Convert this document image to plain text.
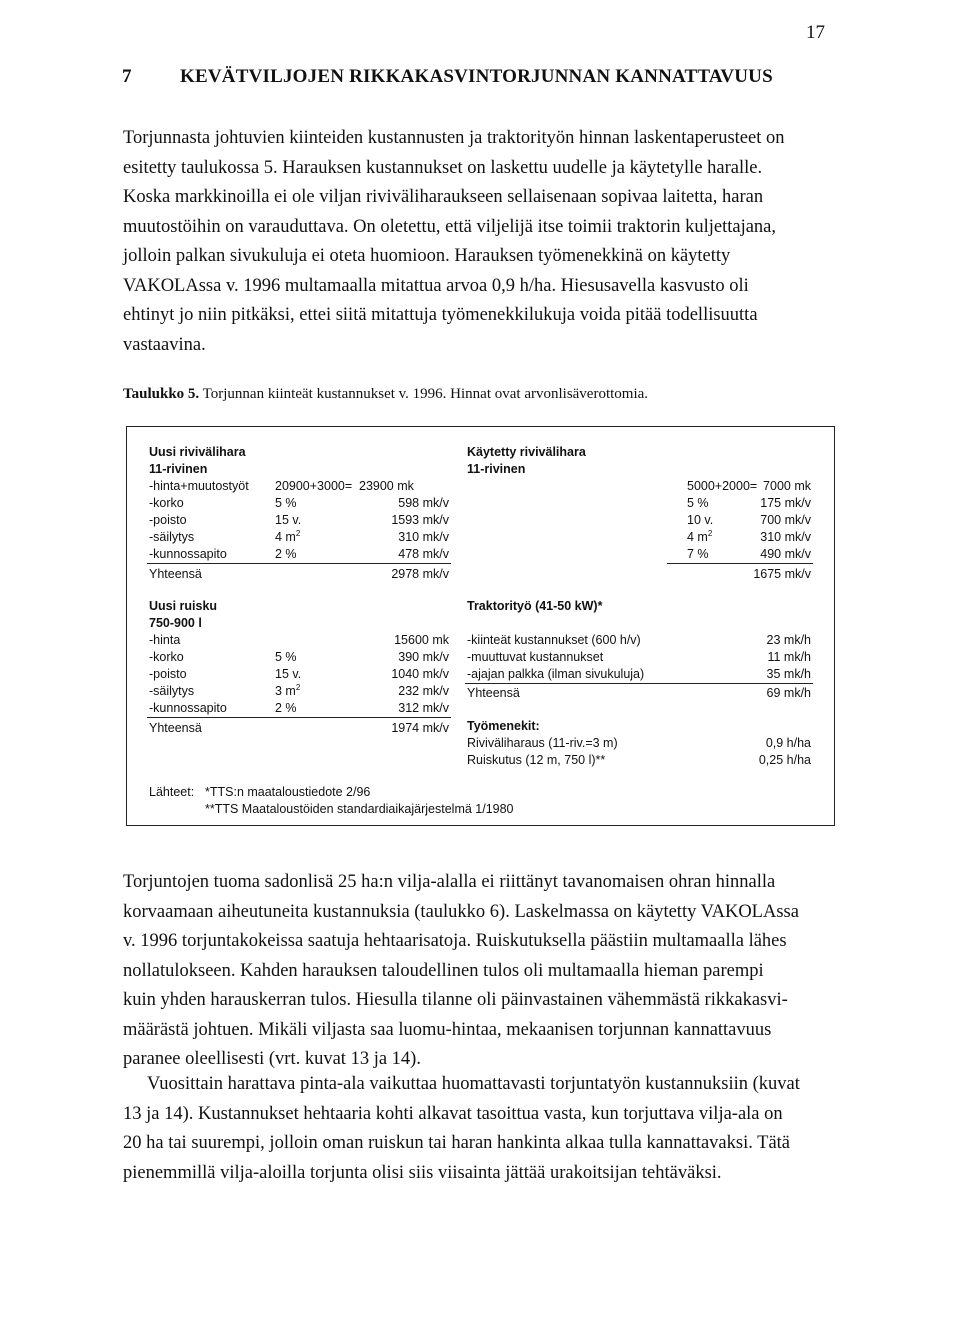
17
7	KEVÄTVILJOJEN RIKKAKASVINTORJUNNAN KANNATTAVUUS
Torjunnasta johtuvien kiinteiden kustannusten ja traktorityön hinnan laskentaperusteet on
esitetty taulukossa 5. Harauksen kustannukset on laskettu uudelle ja käytetylle haralle.
Koska markkinoilla ei ole viljan riviväliharaukseen sellaisenaan sopivaa laitetta, haran
muutostöihin on varauduttava. On oletettu, että viljelijä itse toimii traktorin kuljettajana,
jolloin palkan sivukuluja ei oteta huomioon. Harauksen työmenekkinä on käytetty
VAKOLAssa v. 1996 multamaalla mitattua arvoa 0,9 h/ha. Hiesusavella kasvusto oli
ehtinyt jo niin pitkäksi, ettei siitä mitattuja työmenekkilukuja voida pitää todellisuutta
vastaavina.
Taulukko 5. Torjunnan kiinteät kustannukset v. 1996. Hinnat ovat arvonlisäverottomia.
Uusi rivivälihara
11-rivinen
-hinta+muutostyöt 20900+3000= 23900 mk
-korko	5 %	598 mk/v
-poisto	15 v.	1593 mk/v
-säilytys	4 $m^2$	310 mk/v
-kunnossapito	2 %	478 mk/v
Yhteensä	2978 mk/v
Käytetty rivivälihara
11-rivinen
5000+2000= 7000 mk
5 %	175 mk/v
10 v.	700 mk/v
4 $m^2$	310 mk/v
7 %	490 mk/v
1675 mk/v
Uusi ruisku
750-900 l
-hinta	15600 mk
-korko	5 %	390 mk/v
-poisto	15 v.	1040 mk/v
-säilytys	3 $m^2$	232 mk/v
-kunnossapito	2 %	312 mk/v
Yhteensä	1974 mk/v
Traktorityö (41-50 kW)*
-kiinteät kustannukset (600 h/v)	23 mk/h
-muuttuvat kustannukset	11 mk/h
-ajajan palkka (ilman sivukuluja)	35 mk/h
Yhteensä	69 mk/h
Työmenekit:
Riviväliharaus (11-riv.=3 m)	0,9 h/ha
Ruiskutus (12 m, 750 l)**	0,25 h/ha
Lähteet: *TTS:n maataloustiedote 2/96
**TTS Maataloustöiden standardiaikajärjestelmä 1/1980
Torjuntojen tuoma sadonlisä 25 ha:n vilja-alalla ei riittänyt tavanomaisen ohran hinnalla
korvaamaan aiheutuneita kustannuksia (taulukko 6). Laskelmassa on käytetty VAKOLAssa
v. 1996 torjuntakokeissa saatuja hehtaarisatoja. Ruiskutuksella päästiin multamaalla lähes
nollatulokseen. Kahden harauksen taloudellinen tulos oli multamaalla hieman parempi
kuin yhden harauskerran tulos. Hiesulla tilanne oli päinvastainen vähemmästä rikkakasvi-
määrästä johtuen. Mikäli viljasta saa luomu-hintaa, mekaanisen torjunnan kannattavuus
paranee oleellisesti (vrt. kuvat 13 ja 14).
Vuosittain harattava pinta-ala vaikuttaa huomattavasti torjuntatyön kustannuksiin (kuvat
13 ja 14). Kustannukset hehtaaria kohti alkavat tasoittua vasta, kun torjuttava vilja-ala on
20 ha tai suurempi, jolloin oman ruiskun tai haran hankinta alkaa tulla kannattavaksi. Tätä
pienemmillä vilja-aloilla torjunta olisi siis viisainta jättää urakoitsijan tehtäväksi.
